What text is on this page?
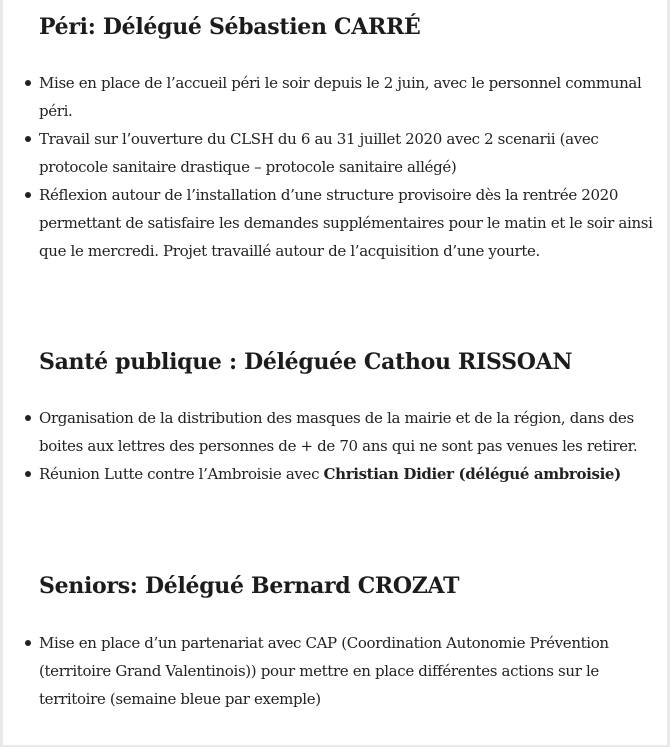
Péri: Délégué Sébastien CARRÉ
Mise en place de l’accueil péri le soir depuis le 2 juin, avec le personnel communal péri.
Travail sur l’ouverture du CLSH du 6 au 31 juillet 2020 avec 2 scenarii (avec protocole sanitaire drastique – protocole sanitaire allégé)
Réflexion autour de l’installation d’une structure provisoire dès la rentrée 2020 permettant de satisfaire les demandes supplémentaires pour le matin et le soir ainsi que le mercredi. Projet travaillé autour de l’acquisition d’une yourte.
Santé publique : Déléguée Cathou RISSOAN
Organisation de la distribution des masques de la mairie et de la région, dans des boites aux lettres des personnes de + de 70 ans qui ne sont pas venues les retirer.
Réunion Lutte contre l’Ambroisie avec Christian Didier (délégué ambroisie)
Seniors: Délégué Bernard CROZAT
Mise en place d’un partenariat avec CAP (Coordination Autonomie Prévention (territoire Grand Valentinois)) pour mettre en place différentes actions sur le territoire (semaine bleue par exemple)
